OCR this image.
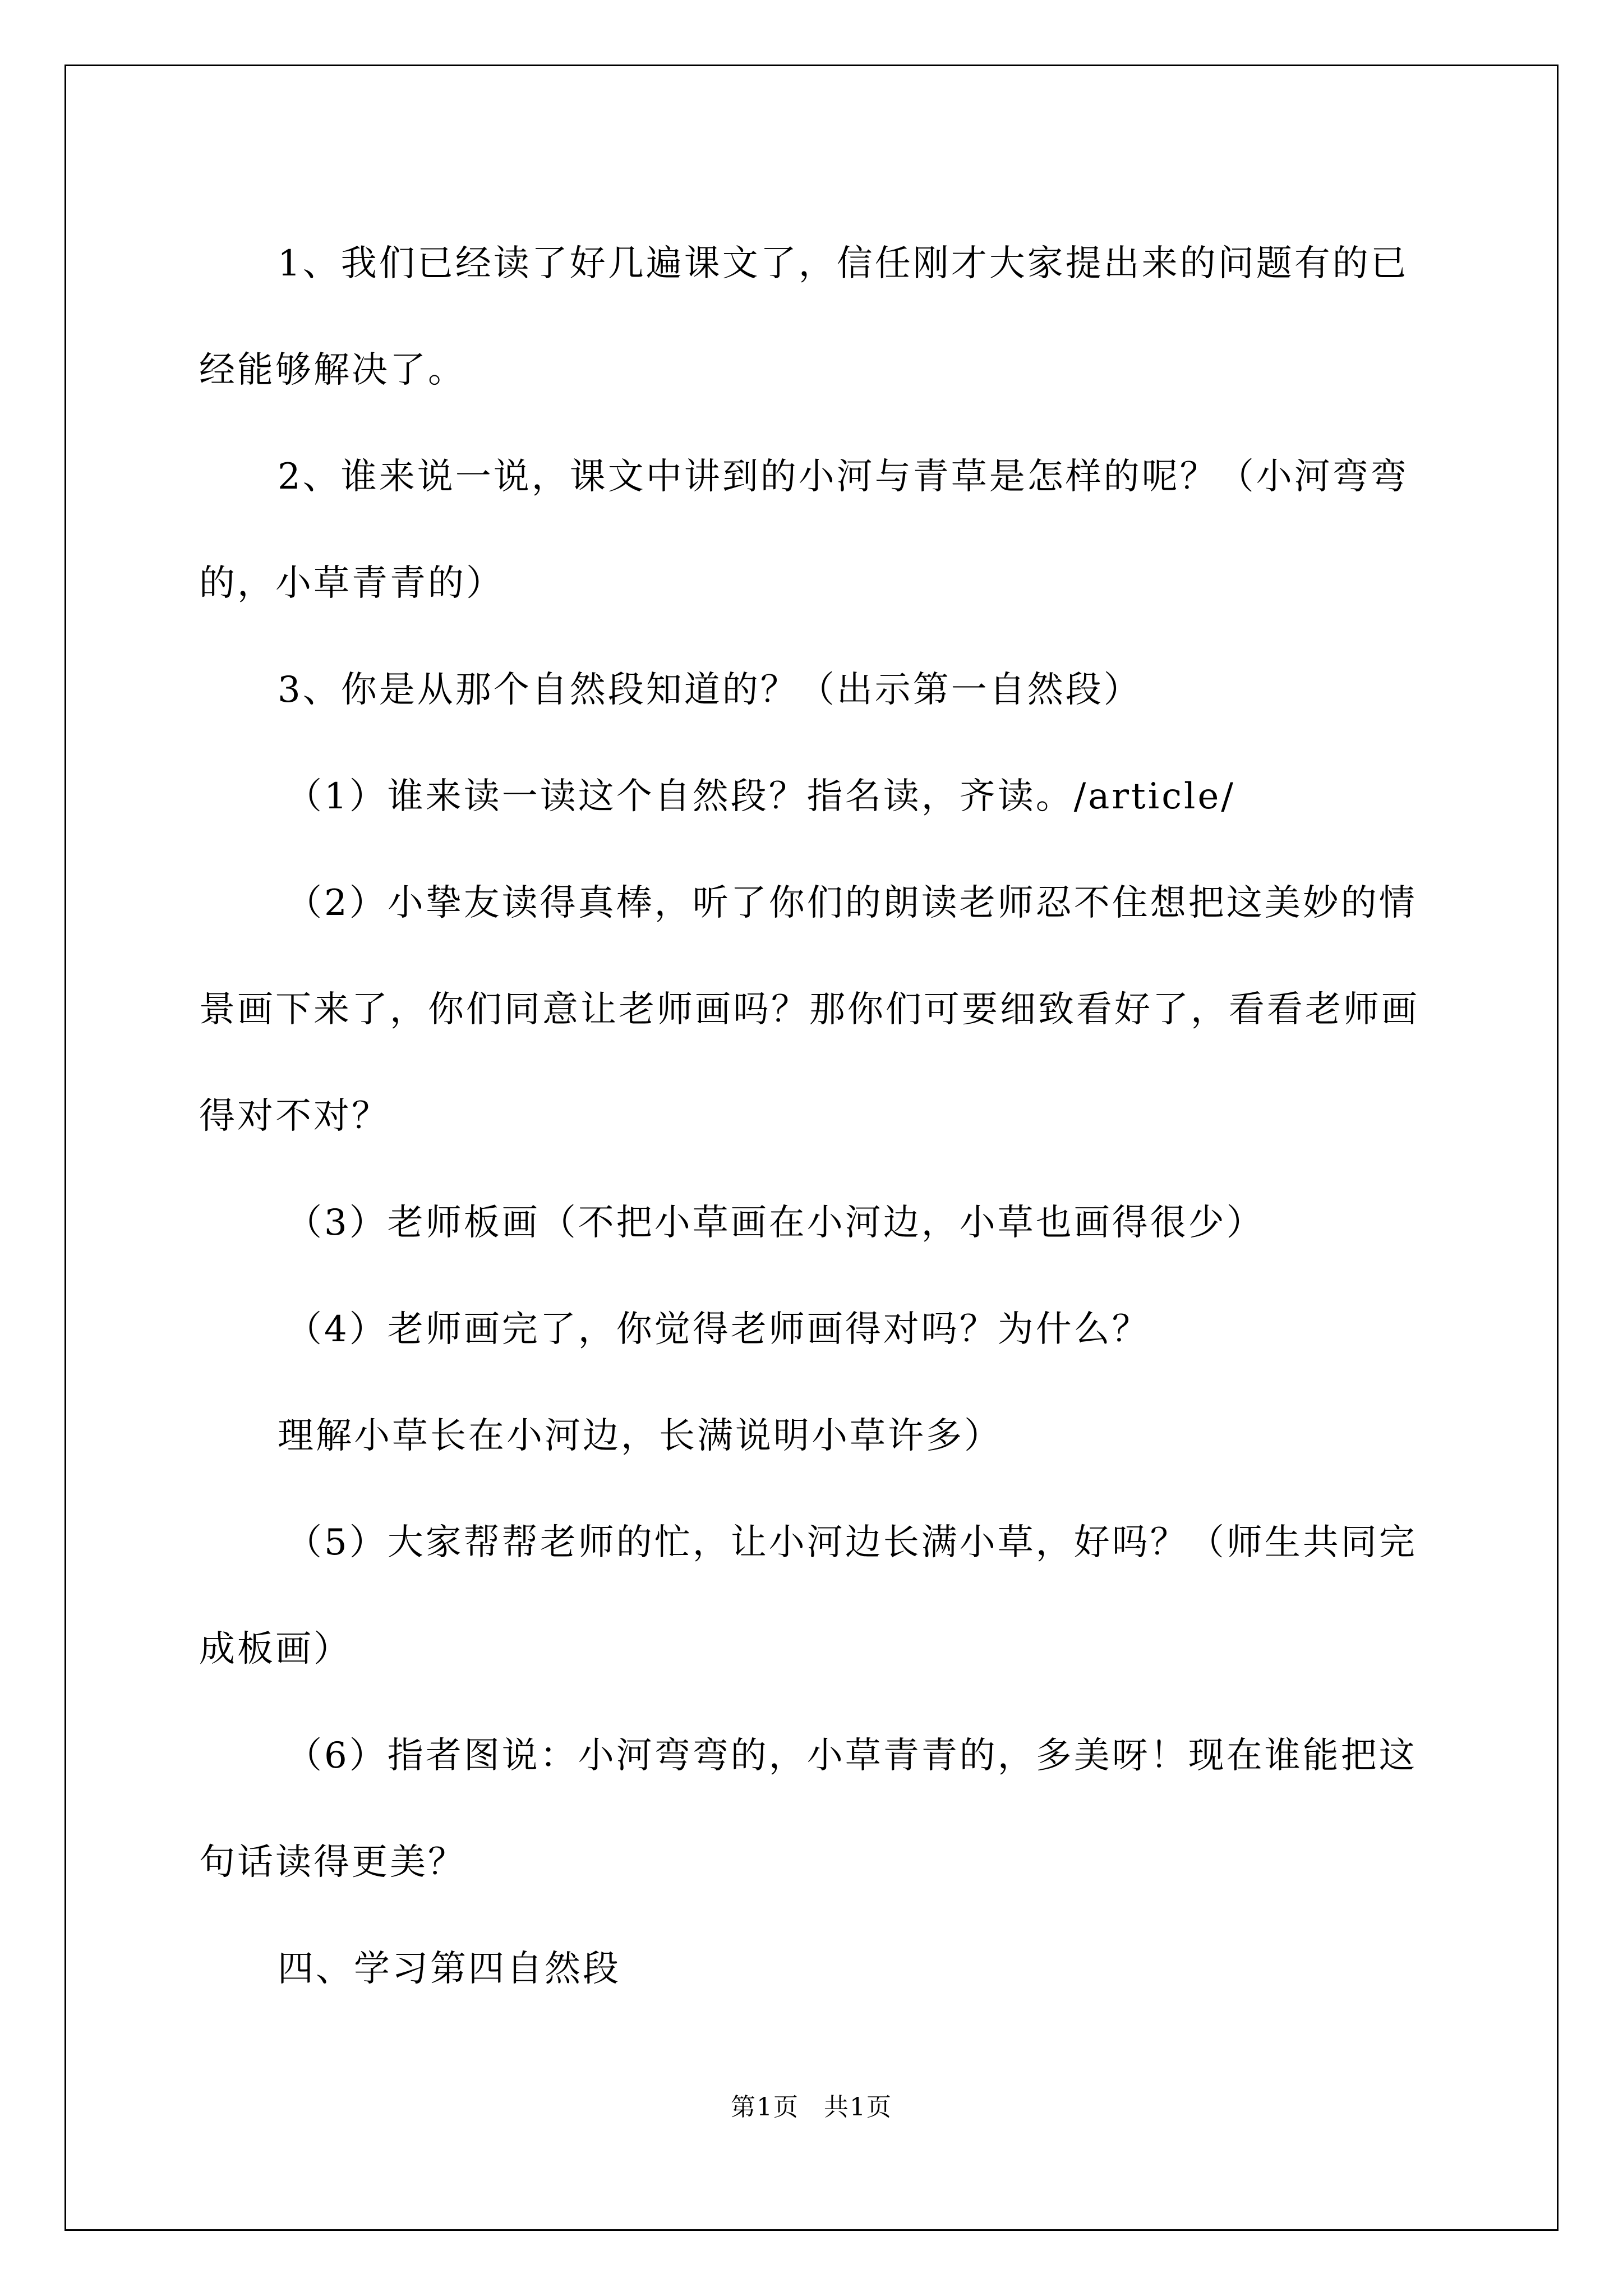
1、我们已经读了好几遍课文了，信任刚才大家提出来的问题有的已经能够解决了。

2、谁来说一说，课文中讲到的小河与青草是怎样的呢？（小河弯弯的，小草青青的）

3、你是从那个自然段知道的？（出示第一自然段）

（1）谁来读一读这个自然段？指名读，齐读。/article/

（2）小挚友读得真棒，听了你们的朗读老师忍不住想把这美妙的情景画下来了，你们同意让老师画吗？那你们可要细致看好了，看看老师画得对不对？

（3）老师板画（不把小草画在小河边，小草也画得很少）

（4）老师画完了，你觉得老师画得对吗？为什么？

理解小草长在小河边，长满说明小草许多）

（5）大家帮帮老师的忙，让小河边长满小草，好吗？（师生共同完成板画）

（6）指者图说：小河弯弯的，小草青青的，多美呀！现在谁能把这句话读得更美？

四、学习第四自然段

第1页 共1页
